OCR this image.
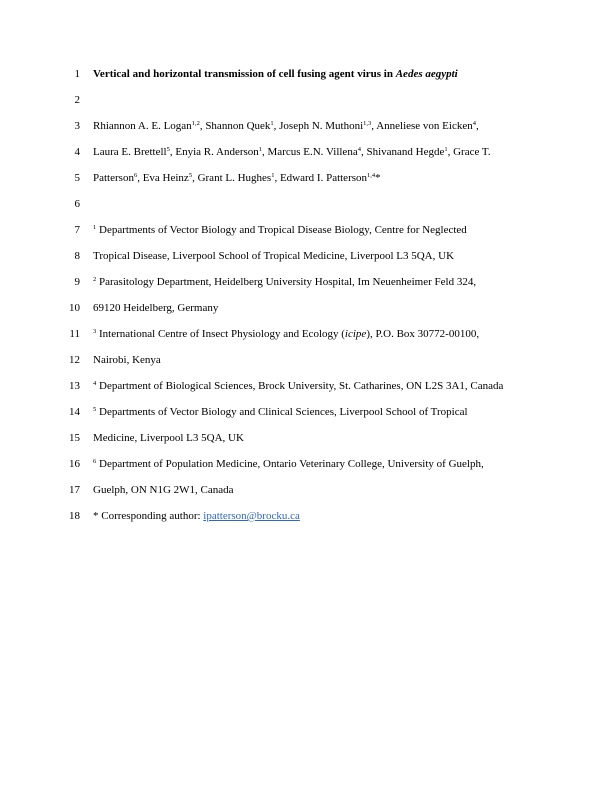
1 Vertical and horizontal transmission of cell fusing agent virus in Aedes aegypti
2
3 Rhiannon A. E. Logan$^{1,2}$, Shannon Quek$^1$, Joseph N. Muthoni$^{1,3}$, Anneliese von Eicken$^4$,
4 Laura E. Brettell$^5$, Enyia R. Anderson$^1$, Marcus E.N. Villena$^4$, Shivanand Hegde$^1$, Grace T.
5 Patterson$^6$, Eva Heinz$^5$, Grant L. Hughes$^1$, Edward I. Patterson$^{1,4}$*
6
7 $^1$ Departments of Vector Biology and Tropical Disease Biology, Centre for Neglected
8 Tropical Disease, Liverpool School of Tropical Medicine, Liverpool L3 5QA, UK
9 $^2$ Parasitology Department, Heidelberg University Hospital, Im Neuenheimer Feld 324,
10 69120 Heidelberg, Germany
11 $^3$ International Centre of Insect Physiology and Ecology (icipe), P.O. Box 30772-00100,
12 Nairobi, Kenya
13 $^4$ Department of Biological Sciences, Brock University, St. Catharines, ON L2S 3A1, Canada
14 $^5$ Departments of Vector Biology and Clinical Sciences, Liverpool School of Tropical
15 Medicine, Liverpool L3 5QA, UK
16 $^6$ Department of Population Medicine, Ontario Veterinary College, University of Guelph,
17 Guelph, ON N1G 2W1, Canada
18 * Corresponding author: ipatterson@brocku.ca
